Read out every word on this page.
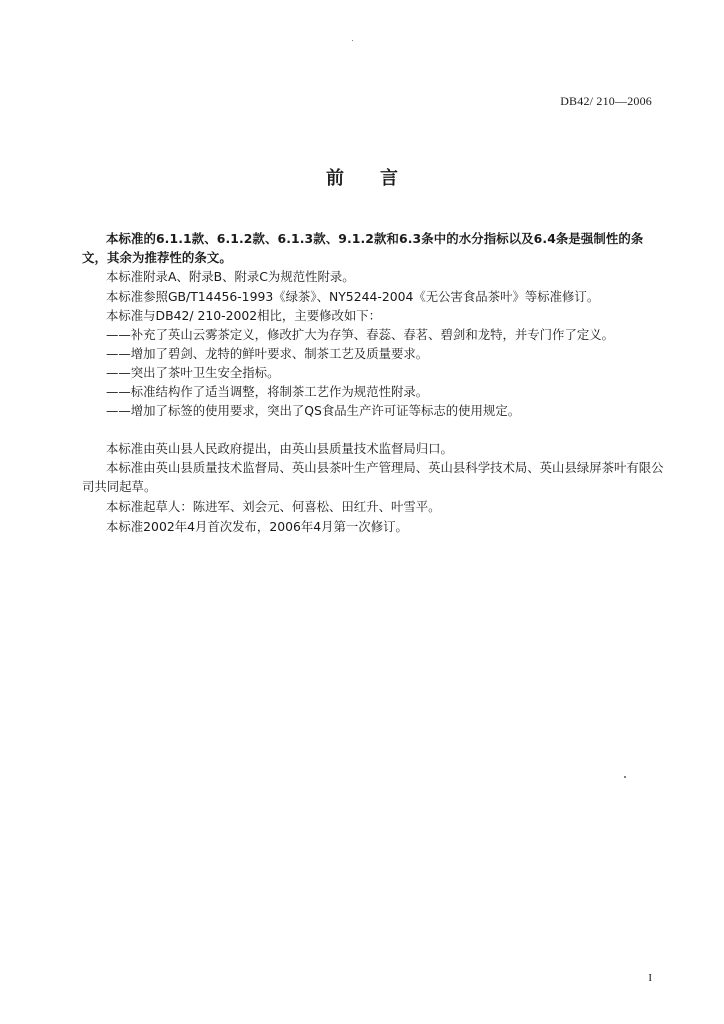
DB42/ 210—2006
前言
本标准的6.1.1款、6.1.2款、6.1.3款、9.1.2款和6.3条中的水分指标以及6.4条是强制性的条文，其余为推荐性的条文。
本标准附录A、附录B、附录C为规范性附录。
本标准参照GB/T14456-1993《绿茶》、NY5244-2004《无公害食品茶叶》等标准修订。
本标准与DB42/ 210-2002相比，主要修改如下：
——补充了英山云雾茶定义，修改扩大为存笋、春蕊、春茗、碧剑和龙特，并专门作了定义。
——增加了碧剑、龙特的鲜叶要求、制茶工艺及质量要求。
——突出了茶叶卫生安全指标。
——标准结构作了适当调整，将制茶工艺作为规范性附录。
——增加了标签的使用要求，突出了QS食品生产许可证等标志的使用规定。
本标准由英山县人民政府提出，由英山县质量技术监督局归口。
本标准由英山县质量技术监督局、英山县茶叶生产管理局、英山县科学技术局、英山县绿屏茶叶有限公司共同起草。
本标准起草人：陈进军、刘会元、何喜松、田红升、叶雪平。
本标准2002年4月首次发布，2006年4月第一次修订。
I
